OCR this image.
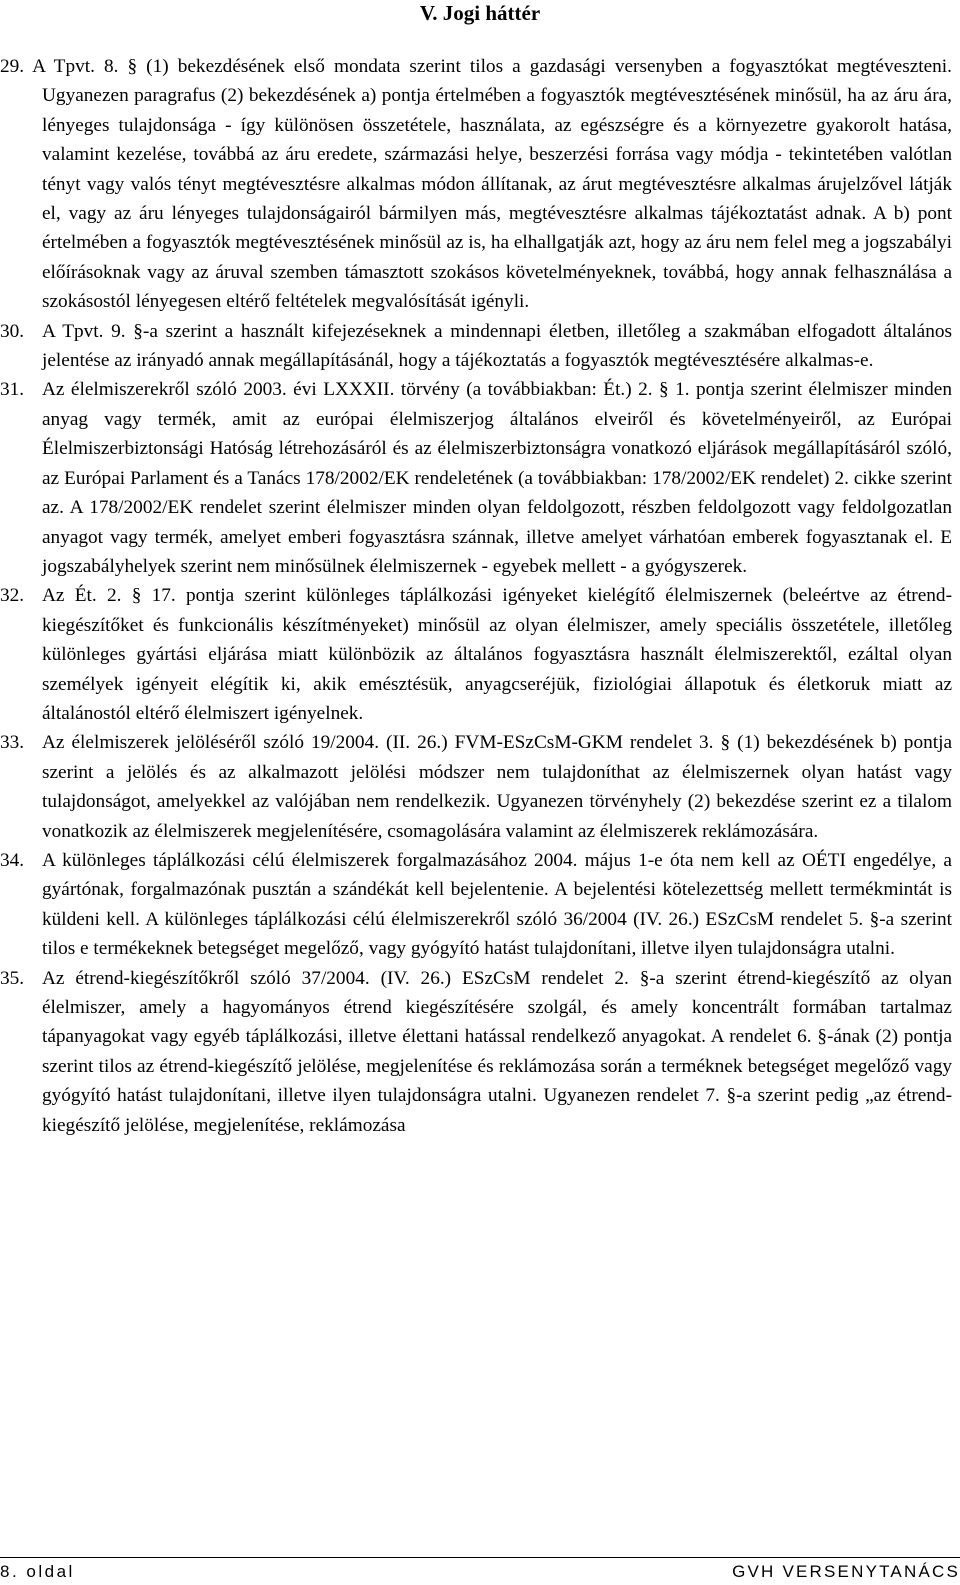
V. Jogi háttér
29. A Tpvt. 8. § (1) bekezdésének első mondata szerint tilos a gazdasági versenyben a fogyasztókat megtéveszteni. Ugyanezen paragrafus (2) bekezdésének a) pontja értelmében a fogyasztók megtévesztésének minősül, ha az áru ára, lényeges tulajdonsága - így különösen összetétele, használata, az egészségre és a környezetre gyakorolt hatása, valamint kezelése, továbbá az áru eredete, származási helye, beszerzési forrása vagy módja - tekintetében valótlan tényt vagy valós tényt megtévesztésre alkalmas módon állítanak, az árut megtévesztésre alkalmas árujelzővel látják el, vagy az áru lényeges tulajdonságairól bármilyen más, megtévesztésre alkalmas tájékoztatást adnak. A b) pont értelmében a fogyasztók megtévesztésének minősül az is, ha elhallgatják azt, hogy az áru nem felel meg a jogszabályi előírásoknak vagy az áruval szemben támasztott szokásos követelményeknek, továbbá, hogy annak felhasználása a szokásostól lényegesen eltérő feltételek megvalósítását igényli.
30. A Tpvt. 9. §-a szerint a használt kifejezéseknek a mindennapi életben, illetőleg a szakmában elfogadott általános jelentése az irányadó annak megállapításánál, hogy a tájékoztatás a fogyasztók megtévesztésére alkalmas-e.
31. Az élelmiszerekről szóló 2003. évi LXXXII. törvény (a továbbiakban: Ét.) 2. § 1. pontja szerint élelmiszer minden anyag vagy termék, amit az európai élelmiszerjog általános elveiről és követelményeiről, az Európai Élelmiszerbiztonsági Hatóság létrehozásáról és az élelmiszerbiztonságra vonatkozó eljárások megállapításáról szóló, az Európai Parlament és a Tanács 178/2002/EK rendeletének (a továbbiakban: 178/2002/EK rendelet) 2. cikke szerint az. A 178/2002/EK rendelet szerint élelmiszer minden olyan feldolgozott, részben feldolgozott vagy feldolgozatlan anyagot vagy termék, amelyet emberi fogyasztásra szánnak, illetve amelyet várhatóan emberek fogyasztanak el. E jogszabályhelyek szerint nem minősülnek élelmiszernek - egyebek mellett - a gyógyszerek.
32. Az Ét. 2. § 17. pontja szerint különleges táplálkozási igényeket kielégítő élelmiszernek (beleértve az étrend-kiegészítőket és funkcionális készítményeket) minősül az olyan élelmiszer, amely speciális összetétele, illetőleg különleges gyártási eljárása miatt különbözik az általános fogyasztásra használt élelmiszerektől, ezáltal olyan személyek igényeit elégítik ki, akik emésztésük, anyagcseréjük, fiziológiai állapotuk és életkoruk miatt az általánostól eltérő élelmiszert igényelnek.
33. Az élelmiszerek jelöléséről szóló 19/2004. (II. 26.) FVM-ESzCsM-GKM rendelet 3. § (1) bekezdésének b) pontja szerint a jelölés és az alkalmazott jelölési módszer nem tulajdoníthat az élelmiszernek olyan hatást vagy tulajdonságot, amelyekkel az valójában nem rendelkezik. Ugyanezen törvényhely (2) bekezdése szerint ez a tilalom vonatkozik az élelmiszerek megjelenítésére, csomagolására valamint az élelmiszerek reklámozására.
34. A különleges táplálkozási célú élelmiszerek forgalmazásához 2004. május 1-e óta nem kell az OÉTI engedélye, a gyártónak, forgalmazónak pusztán a szándékát kell bejelentenie. A bejelentési kötelezettség mellett termékmintát is küldeni kell. A különleges táplálkozási célú élelmiszerekről szóló 36/2004 (IV. 26.) ESzCsM rendelet 5. §-a szerint tilos e termékeknek betegséget megelőző, vagy gyógyító hatást tulajdonítani, illetve ilyen tulajdonságra utalni.
35. Az étrend-kiegészítőkről szóló 37/2004. (IV. 26.) ESzCsM rendelet 2. §-a szerint étrend-kiegészítő az olyan élelmiszer, amely a hagyományos étrend kiegészítésére szolgál, és amely koncentrált formában tartalmaz tápanyagokat vagy egyéb táplálkozási, illetve élettani hatással rendelkező anyagokat. A rendelet 6. §-ának (2) pontja szerint tilos az étrend-kiegészítő jelölése, megjelenítése és reklámozása során a terméknek betegséget megelőző vagy gyógyító hatást tulajdonítani, illetve ilyen tulajdonságra utalni. Ugyanezen rendelet 7. §-a szerint pedig „az étrend-kiegészítő jelölése, megjelenítése, reklámozása
8. oldal	GVH VERSENYTANÁCS
